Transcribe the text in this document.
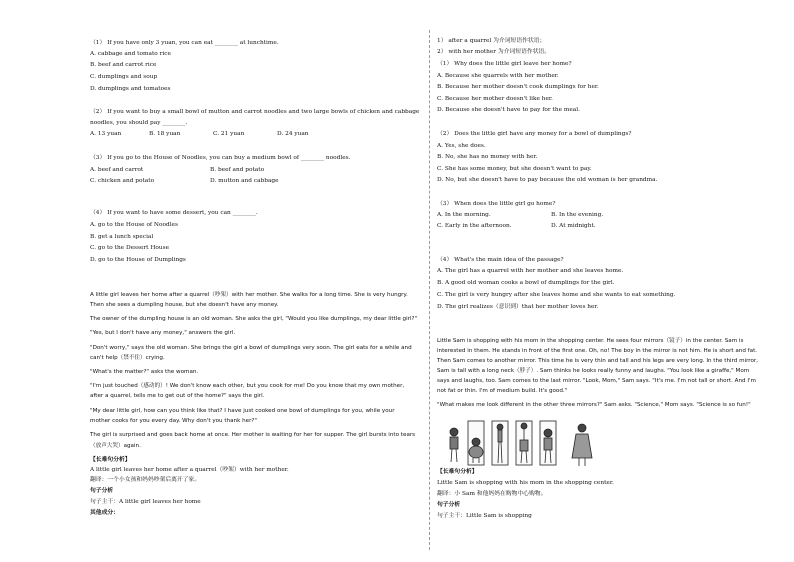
（1） If you have only 3 yuan, you can eat ________ at lunchtime.
A. cabbage and tomato rice
B. beef and carrot rice
C. dumplings and soup
D. dumplings and tomatoes
（2） If you want to buy a small bowl of mutton and carrot noodles and two large bowls of chicken and cabbage
noodles, you should pay ________.
A. 13 yuan	B. 18 yuan	C. 21 yuan	D. 24 yuan
（3） If you go to the House of Noodles, you can buy a medium bowl of ________ noodles.
A. beef and carrot	B. beef and potato
C. chicken and potato	D. mutton and cabbage
（4） If you want to have some dessert, you can ________.
A. go to the House of Noodles
B. get a lunch special
C. go to the Dessert House
D. go to the House of Dumplings
A little girl leaves her home after a quarrel（吵架）with her mother. She walks for a long time. She is very hungry.
Then she sees a dumpling house, but she doesn't have any money.
The owner of the dumpling house is an old woman. She asks the girl, "Would you like dumplings, my dear little girl?"
"Yes, but I don't have any money," answers the girl.
"Don't worry," says the old woman. She brings the girl a bowl of dumplings very soon. The girl eats for a while and
can't help（禁不住）crying.
"What's the matter?" asks the woman.
"I'm just touched（感动的）! We don't know each other, but you cook for me! Do you know that my own mother,
after a quarrel, tells me to get out of the home?" says the girl.
"My dear little girl, how can you think like that? I have just cooked one bowl of dumplings for you, while your
mother cooks for you every day. Why don't you thank her?"
The girl is surprised and goes back home at once. Her mother is waiting for her for supper. The girl bursts into tears
（放声大哭）again.
【长难句分析】
A little girl leaves her home after a quarrel（吵架）with her mother.
翻译：一个小女孩和妈妈吵架后离开了家。
句子分析
句子主干：A little girl leaves her home
其他成分：
1） after a quarrel 为介词短语作状语；
2） with her mother 为介词短语作状语。
（1） Why does the little girl leave her home?
A. Because she quarrels with her mother.
B. Because her mother doesn't cook dumplings for her.
C. Because her mother doesn't like her.
D. Because she doesn't have to pay for the meal.
（2） Does the little girl have any money for a bowl of dumplings?
A. Yes, she does.
B. No, she has no money with her.
C. She has some money, but she doesn't want to pay.
D. No, but she doesn't have to pay because the old woman is her grandma.
（3） When does the little girl go home?
A. In the morning.	B. In the evening.
C. Early in the afternoon.	D. At midnight.
（4） What's the main idea of the passage?
A. The girl has a quarrel with her mother and she leaves home.
B. A good old woman cooks a bowl of dumplings for the girl.
C. The girl is very hungry after she leaves home and she wants to eat something.
D. The girl realizes（意识到）that her mother loves her.
Little Sam is shopping with his mom in the shopping center. He sees four mirrors（镜子）in the center. Sam is
interested in them. He stands in front of the first one. Oh, no! The boy in the mirror is not him. He is short and fat.
Then Sam comes to another mirror. This time he is very thin and tall and his legs are very long. In the third mirror,
Sam is tall with a long neck（脖子）. Sam thinks he looks really funny and laughs. "You look like a giraffe," Mom
says and laughs, too. Sam comes to the last mirror. "Look, Mom," Sam says. "It's me. I'm not tall or short. And I'm
not fat or thin. I'm of medium build. It's good."
"What makes me look different in the other three mirrors?" Sam asks. "Science," Mom says. "Science is so fun!"
【长难句分析】
Little Sam is shopping with his mom in the shopping center.
翻译：小 Sam 和他妈妈在购物中心购物。
句子分析
句子主干：Little Sam is shopping
